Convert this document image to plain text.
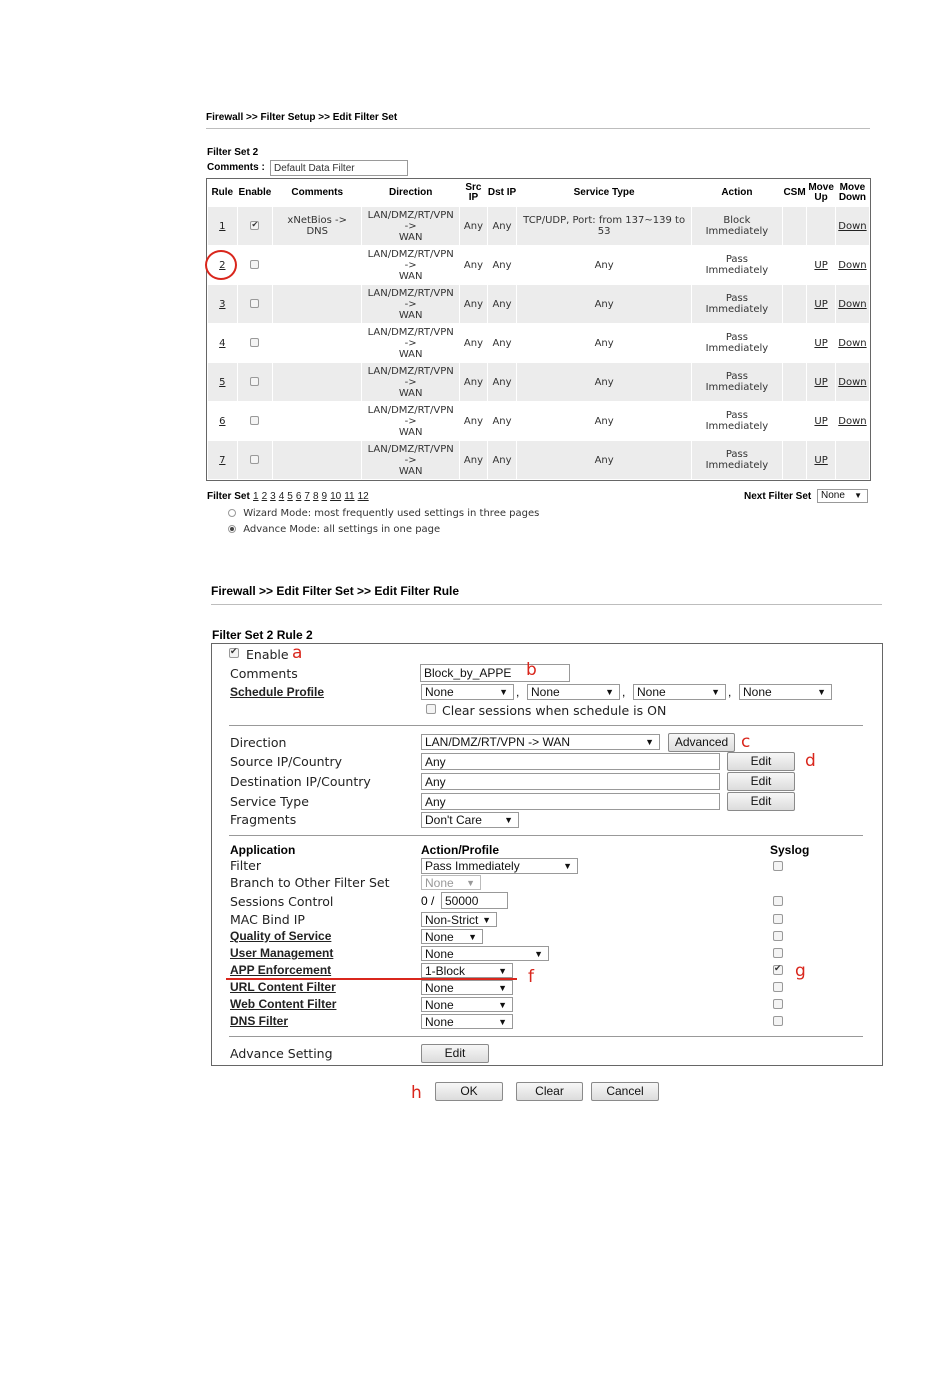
Firewall >> Filter Setup >> Edit Filter Set
Filter Set 2
Comments : Default Data Filter
Rule	Enable	Comments	Direction	Src IP	Dst IP	Service Type	Action	CSM	Move Up	Move Down
1	✔	xNetBios -> DNS	LAN/DMZ/RT/VPN
->
WAN	Any	Any	TCP/UDP, Port: from 137~139 to 53	Block Immediately			Down
2			LAN/DMZ/RT/VPN
->
WAN	Any	Any	Any	Pass Immediately		UP	Down
3			LAN/DMZ/RT/VPN
->
WAN	Any	Any	Any	Pass Immediately		UP	Down
4			LAN/DMZ/RT/VPN
->
WAN	Any	Any	Any	Pass Immediately		UP	Down
5			LAN/DMZ/RT/VPN
->
WAN	Any	Any	Any	Pass Immediately		UP	Down
6			LAN/DMZ/RT/VPN
->
WAN	Any	Any	Any	Pass Immediately		UP	Down
7			LAN/DMZ/RT/VPN
->
WAN	Any	Any	Any	Pass Immediately		UP	
Filter Set 1 2 3 4 5 6 7 8 9 10 11 12	Next Filter Set None ▼
Wizard Mode: most frequently used settings in three pages
Advance Mode: all settings in one page
Firewall >> Edit Filter Set >> Edit Filter Rule
Filter Set 2 Rule 2
✔
Enable a
Comments	Block_by_APPE b
Schedule Profile	None	▼ , None	▼ , None	▼ , None	▼
Clear sessions when schedule is ON
Direction	LAN/DMZ/RT/VPN -> WAN	▼	Advanced c
Source IP/Country	Any	Edit	d
Destination IP/Country	Any	Edit
Service Type	Any	Edit
Fragments	Don't Care ▼
Application	Action/Profile	Syslog
Filter	Pass Immediately	▼
Branch to Other Filter Set	None ▼
Sessions Control	0 / 50000
MAC Bind IP	Non-Strict ▼
Quality of Service	None ▼
User Management	None	▼
APP Enforcement	1-Block	▼ ✔ f	g
URL Content Filter	None	▼
Web Content Filter	None	▼
DNS Filter	None	▼
Advance Setting	Edit
h	OK	Clear	Cancel
